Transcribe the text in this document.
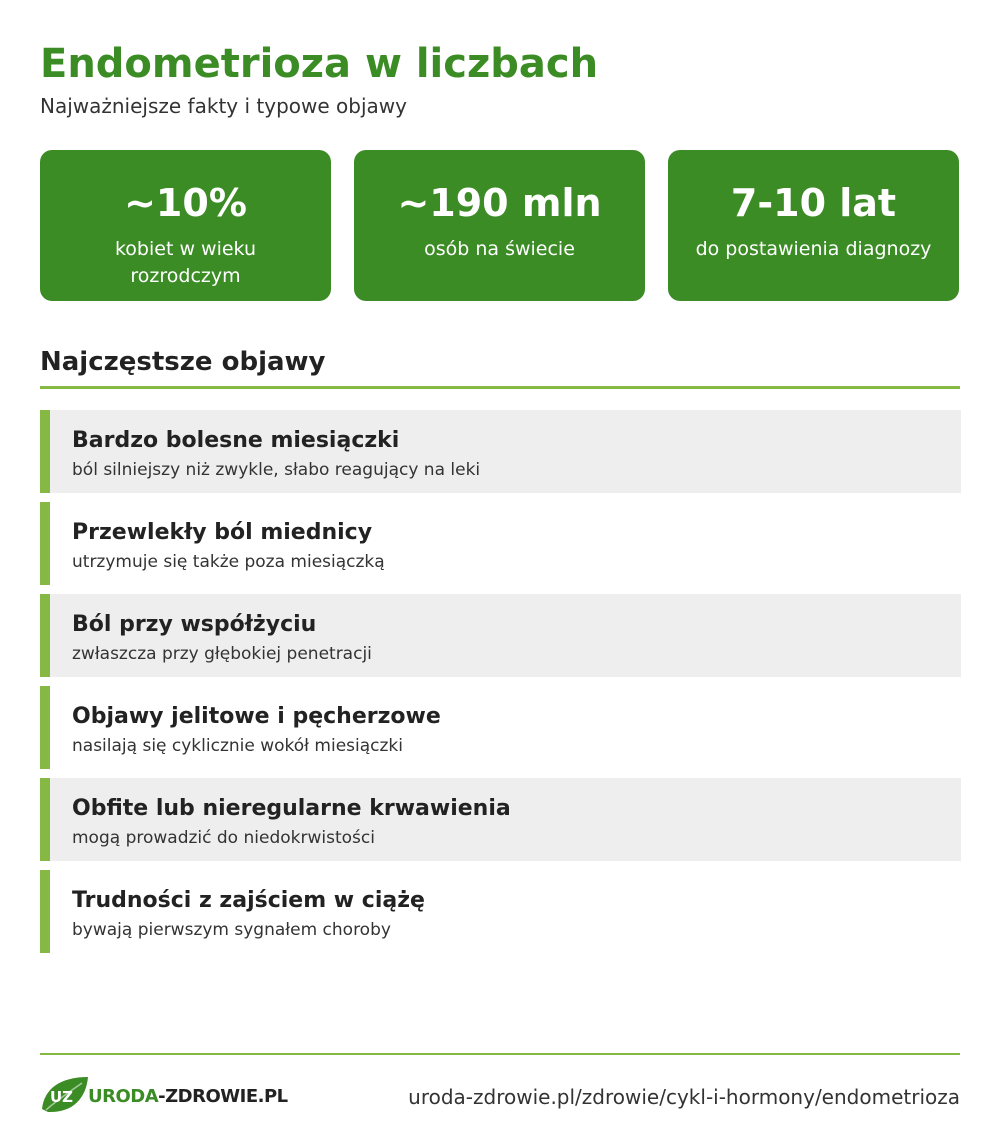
Endometrioza w liczbach
Najważniejsze fakty i typowe objawy
~10%
kobiet w wieku rozrodczym
~190 mln
osób na świecie
7-10 lat
do postawienia diagnozy
Najczęstsze objawy
Bardzo bolesne miesiączki
ból silniejszy niż zwykle, słabo reagujący na leki
Przewlekły ból miednicy
utrzymuje się także poza miesiączką
Ból przy współżyciu
zwłaszcza przy głębokiej penetracji
Objawy jelitowe i pęcherzowe
nasilają się cyklicznie wokół miesiączki
Obfite lub nieregularne krwawienia
mogą prowadzić do niedokrwistości
Trudności z zajściem w ciążę
bywają pierwszym sygnałem choroby
UZ URODA-ZDROWIE.PL	uroda-zdrowie.pl/zdrowie/cykl-i-hormony/endometrioza
